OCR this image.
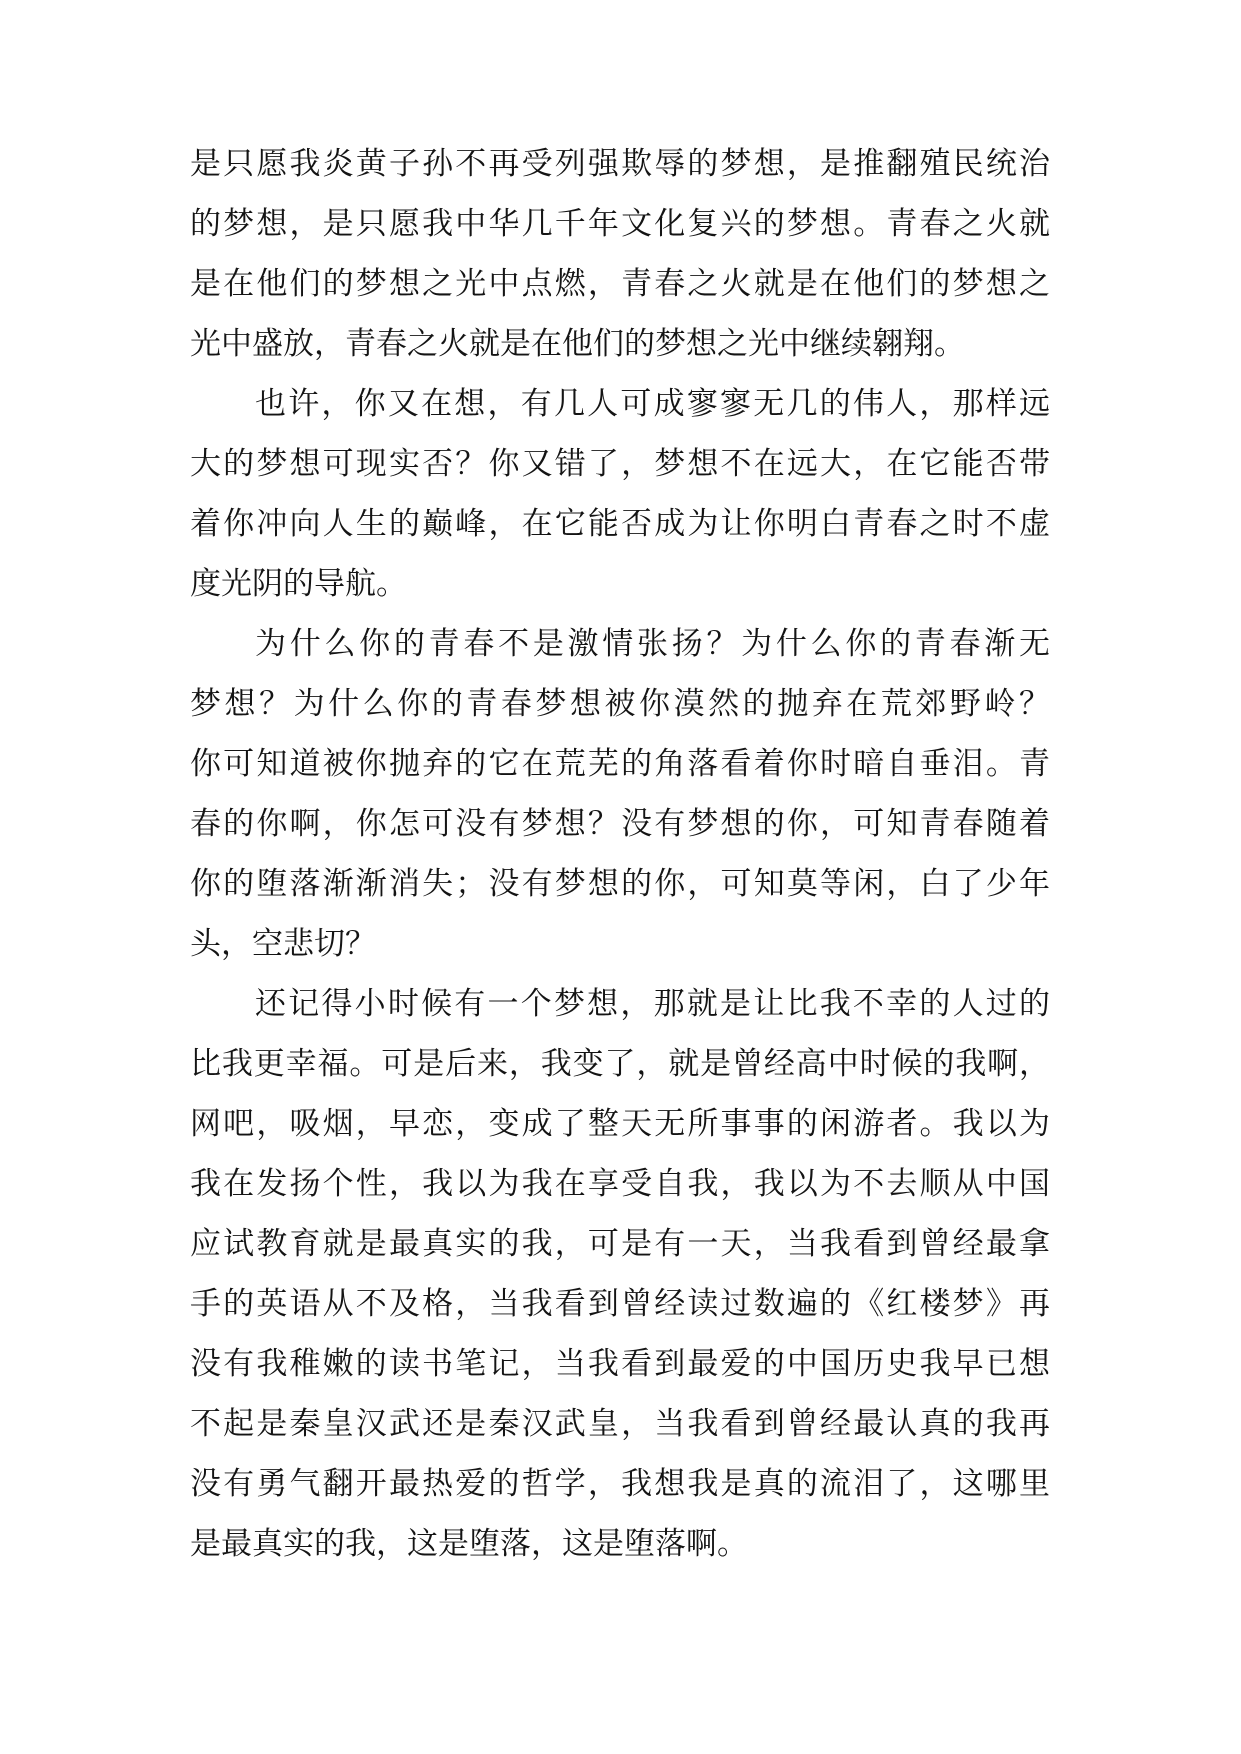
是只愿我炎黄子孙不再受列强欺辱的梦想，是推翻殖民统治
的梦想，是只愿我中华几千年文化复兴的梦想。青春之火就
是在他们的梦想之光中点燃，青春之火就是在他们的梦想之
光中盛放，青春之火就是在他们的梦想之光中继续翱翔。
也许，你又在想，有几人可成寥寥无几的伟人，那样远
大的梦想可现实否？你又错了，梦想不在远大，在它能否带
着你冲向人生的巅峰，在它能否成为让你明白青春之时不虚
度光阴的导航。
为什么你的青春不是激情张扬？为什么你的青春渐无
梦想？为什么你的青春梦想被你漠然的抛弃在荒郊野岭？
你可知道被你抛弃的它在荒芜的角落看着你时暗自垂泪。青
春的你啊，你怎可没有梦想？没有梦想的你，可知青春随着
你的堕落渐渐消失；没有梦想的你，可知莫等闲，白了少年
头，空悲切？
还记得小时候有一个梦想，那就是让比我不幸的人过的
比我更幸福。可是后来，我变了，就是曾经高中时候的我啊，
网吧，吸烟，早恋，变成了整天无所事事的闲游者。我以为
我在发扬个性，我以为我在享受自我，我以为不去顺从中国
应试教育就是最真实的我，可是有一天，当我看到曾经最拿
手的英语从不及格，当我看到曾经读过数遍的《红楼梦》再
没有我稚嫩的读书笔记，当我看到最爱的中国历史我早已想
不起是秦皇汉武还是秦汉武皇，当我看到曾经最认真的我再
没有勇气翻开最热爱的哲学，我想我是真的流泪了，这哪里
是最真实的我，这是堕落，这是堕落啊。
